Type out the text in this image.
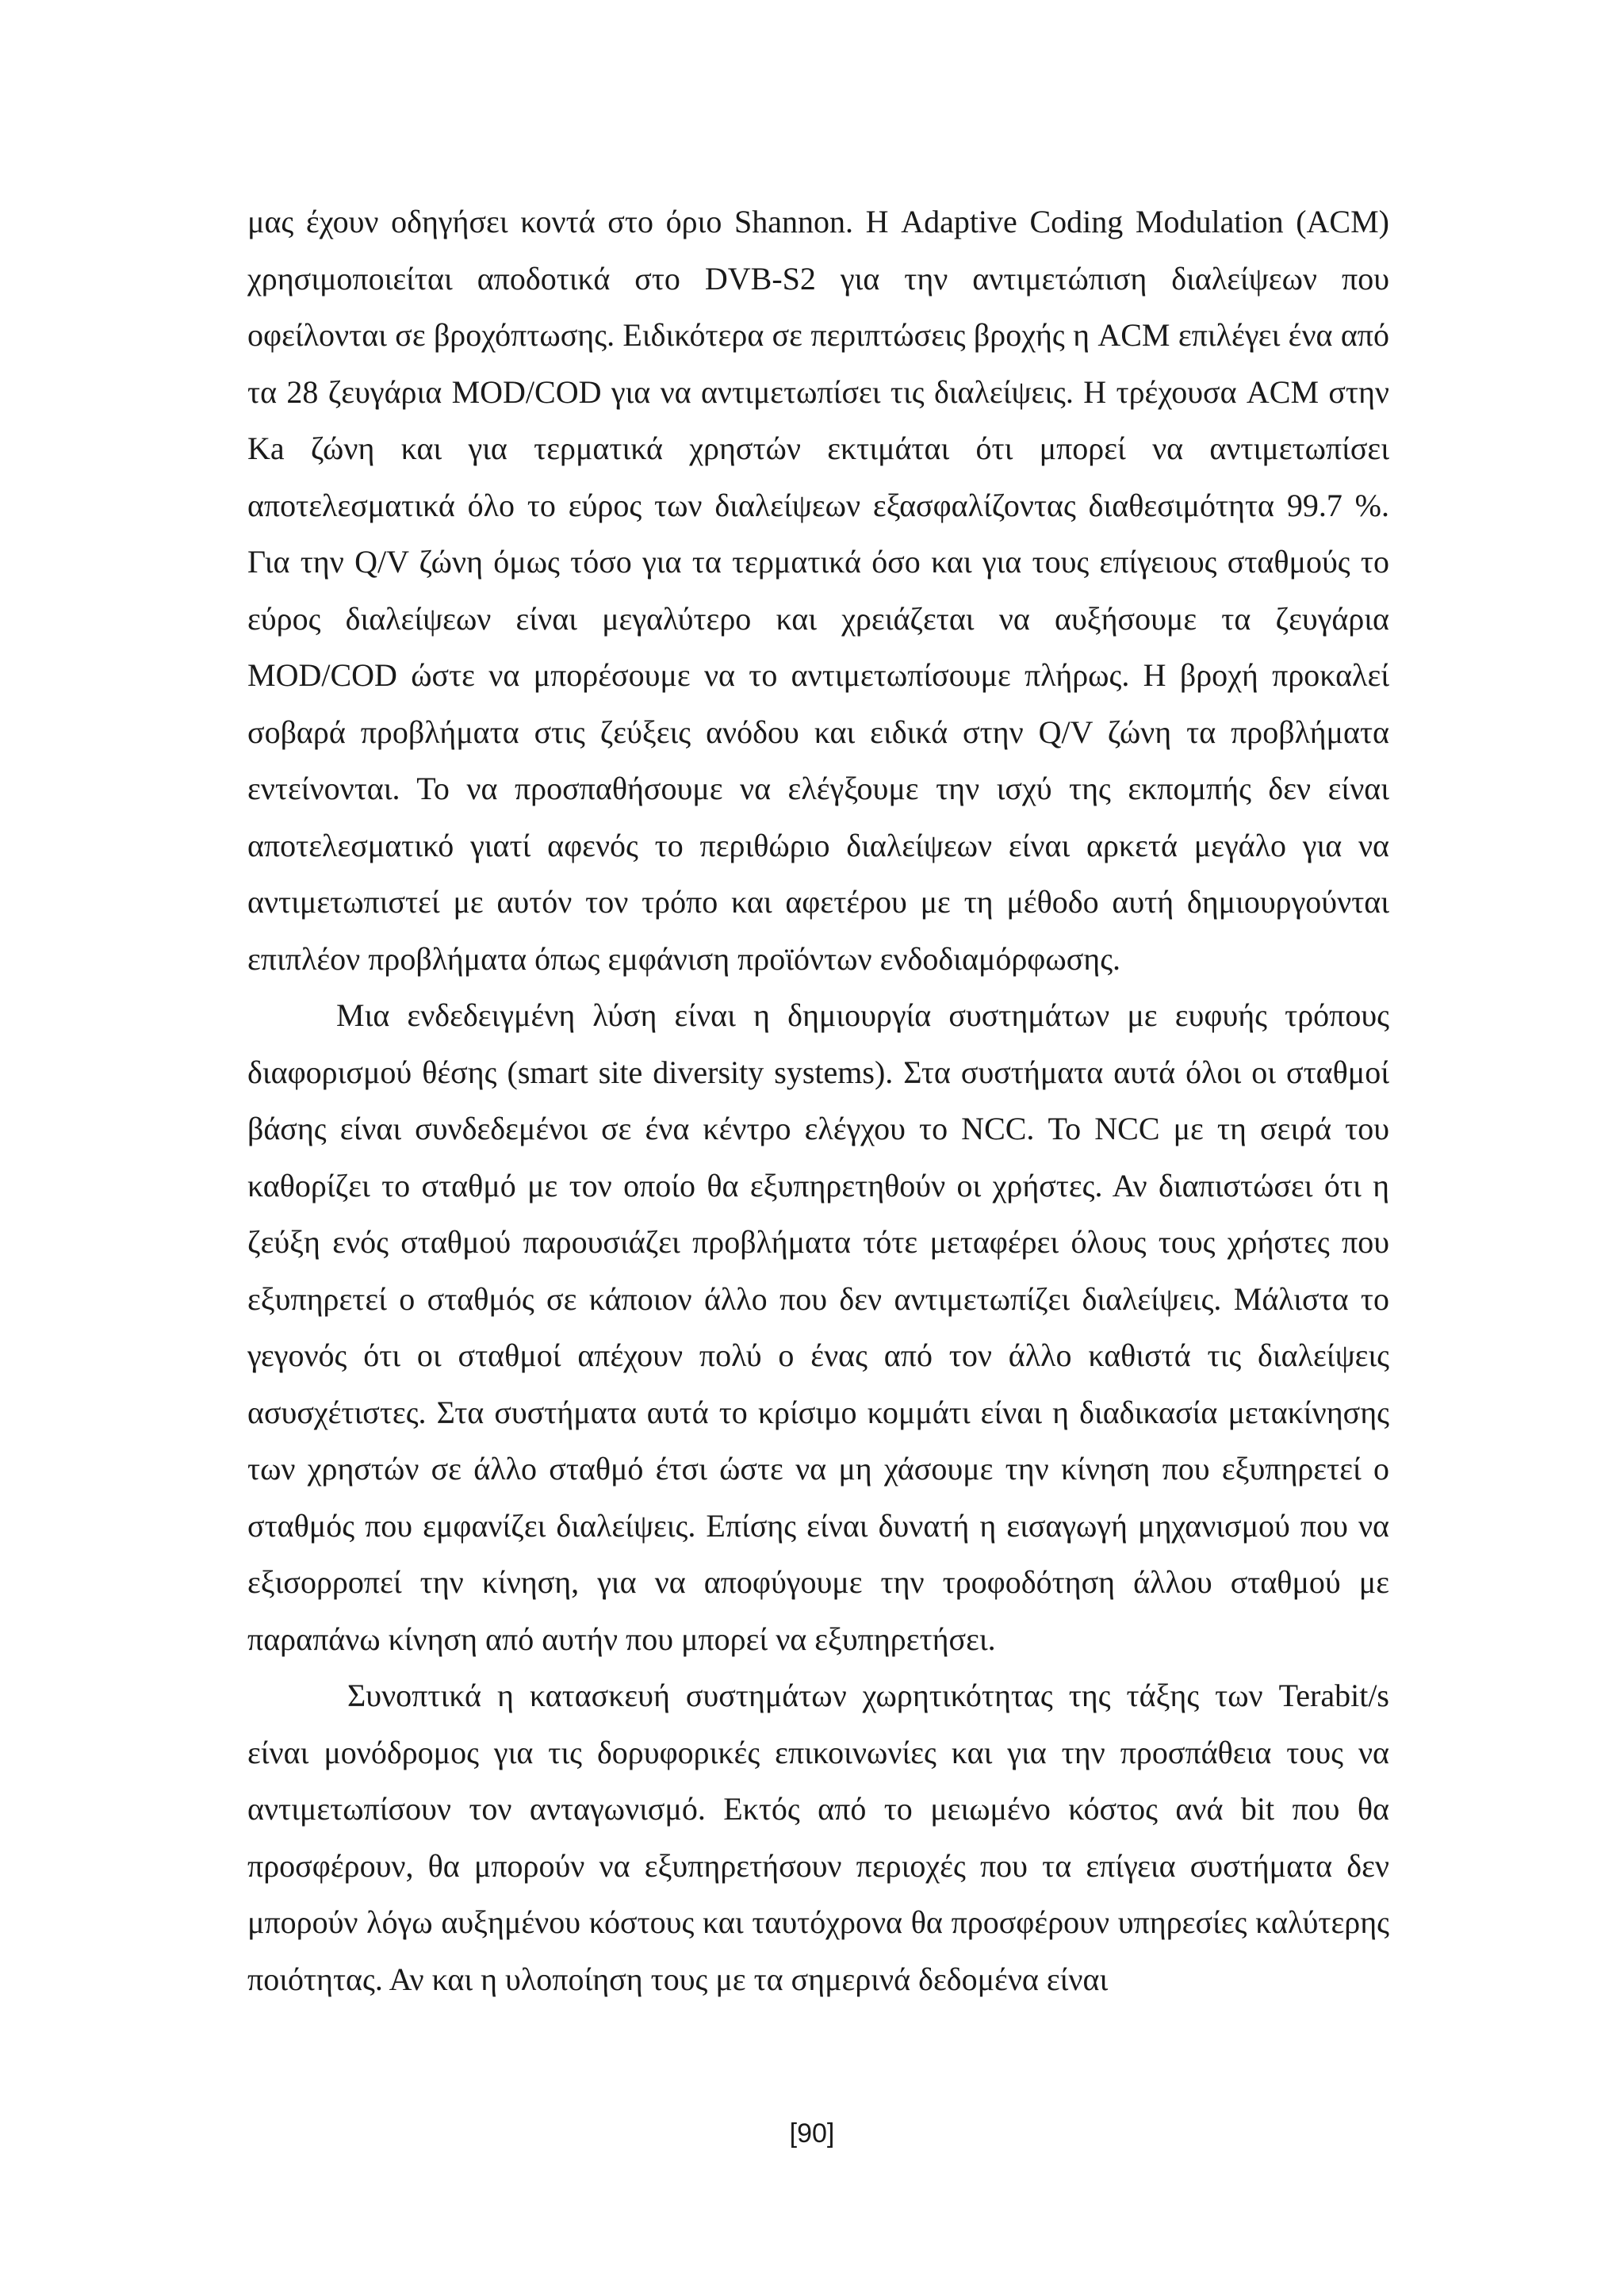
μας έχουν οδηγήσει κοντά στο όριο Shannon. Η Adaptive Coding Modulation (ACM) χρησιμοποιείται αποδοτικά στο DVB-S2 για την αντιμετώπιση διαλείψεων που οφείλονται σε βροχόπτωσης. Ειδικότερα σε περιπτώσεις βροχής η ACM επιλέγει ένα από τα 28 ζευγάρια MOD/COD για να αντιμετωπίσει τις διαλείψεις. Η τρέχουσα ACM στην Ka ζώνη και για τερματικά χρηστών εκτιμάται ότι μπορεί να αντιμετωπίσει αποτελεσματικά όλο το εύρος των διαλείψεων εξασφαλίζοντας διαθεσιμότητα 99.7 %. Για την Q/V ζώνη όμως τόσο για τα τερματικά όσο και για τους επίγειους σταθμούς το εύρος διαλείψεων είναι μεγαλύτερο και χρειάζεται να αυξήσουμε τα ζευγάρια MOD/COD ώστε να μπορέσουμε να το αντιμετωπίσουμε πλήρως. Η βροχή προκαλεί σοβαρά προβλήματα στις ζεύξεις ανόδου και ειδικά στην Q/V ζώνη τα προβλήματα εντείνονται. Το να προσπαθήσουμε να ελέγξουμε την ισχύ της εκπομπής δεν είναι αποτελεσματικό γιατί αφενός το περιθώριο διαλείψεων είναι αρκετά μεγάλο για να αντιμετωπιστεί με αυτόν τον τρόπο και αφετέρου με τη μέθοδο αυτή δημιουργούνται επιπλέον προβλήματα όπως εμφάνιση προϊόντων ενδοδιαμόρφωσης.

Μια ενδεδειγμένη λύση είναι η δημιουργία συστημάτων με ευφυής τρόπους διαφορισμού θέσης (smart site diversity systems). Στα συστήματα αυτά όλοι οι σταθμοί βάσης είναι συνδεδεμένοι σε ένα κέντρο ελέγχου το NCC. Το NCC με τη σειρά του καθορίζει το σταθμό με τον οποίο θα εξυπηρετηθούν οι χρήστες. Αν διαπιστώσει ότι η ζεύξη ενός σταθμού παρουσιάζει προβλήματα τότε μεταφέρει όλους τους χρήστες που εξυπηρετεί ο σταθμός σε κάποιον άλλο που δεν αντιμετωπίζει διαλείψεις. Μάλιστα το γεγονός ότι οι σταθμοί απέχουν πολύ ο ένας από τον άλλο καθιστά τις διαλείψεις ασυσχέτιστες. Στα συστήματα αυτά το κρίσιμο κομμάτι είναι η διαδικασία μετακίνησης των χρηστών σε άλλο σταθμό έτσι ώστε να μη χάσουμε την κίνηση που εξυπηρετεί ο σταθμός που εμφανίζει διαλείψεις. Επίσης είναι δυνατή η εισαγωγή μηχανισμού που να εξισορροπεί την κίνηση, για να αποφύγουμε την τροφοδότηση άλλου σταθμού με παραπάνω κίνηση από αυτήν που μπορεί να εξυπηρετήσει.

Συνοπτικά η κατασκευή συστημάτων χωρητικότητας της τάξης των Terabit/s είναι μονόδρομος για τις δορυφορικές επικοινωνίες και για την προσπάθεια τους να αντιμετωπίσουν τον ανταγωνισμό. Εκτός από το μειωμένο κόστος ανά bit που θα προσφέρουν, θα μπορούν να εξυπηρετήσουν περιοχές που τα επίγεια συστήματα δεν μπορούν λόγω αυξημένου κόστους και ταυτόχρονα θα προσφέρουν υπηρεσίες καλύτερης ποιότητας. Αν και η υλοποίηση τους με τα σημερινά δεδομένα είναι

[90]
